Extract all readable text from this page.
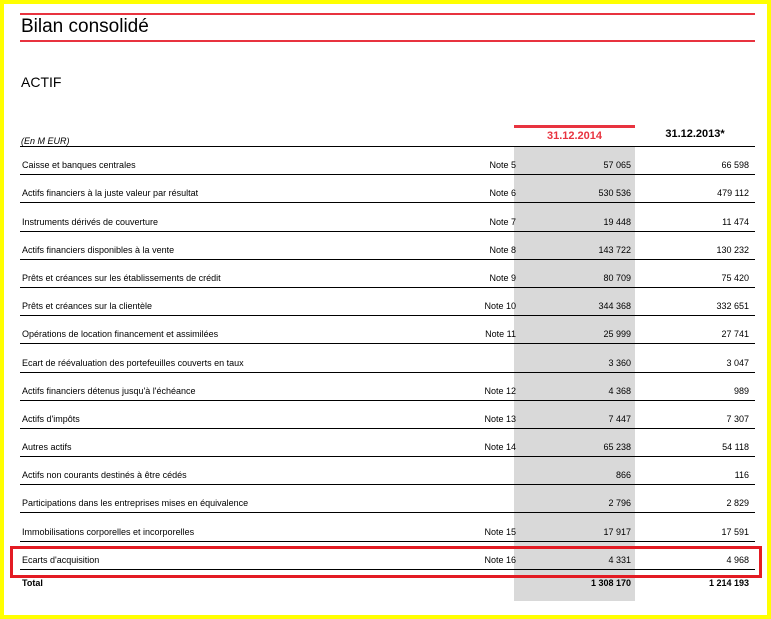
Bilan consolidé
ACTIF
31.12.2014	31.12.2013*
(En M EUR)
Caisse et banques centrales	Note 5	57 065	66 598
Actifs financiers à la juste valeur par résultat	Note 6	530 536	479 112
Instruments dérivés de couverture	Note 7	19 448	11 474
Actifs financiers disponibles à la vente	Note 8	143 722	130 232
Prêts et créances sur les établissements de crédit	Note 9	80 709	75 420
Prêts et créances sur la clientèle	Note 10	344 368	332 651
Opérations de location financement et assimilées	Note 11	25 999	27 741
Ecart de réévaluation des portefeuilles couverts en taux	3 360	3 047
Actifs financiers détenus jusqu'à l'échéance	Note 12	4 368	989
Actifs d'impôts	Note 13	7 447	7 307
Autres actifs	Note 14	65 238	54 118
Actifs non courants destinés à être cédés	866	116
Participations dans les entreprises mises en équivalence	2 796	2 829
Immobilisations corporelles et incorporelles	Note 15	17 917	17 591
Ecarts d'acquisition	Note 16	4 331	4 968
Total	1 308 170	1 214 193
